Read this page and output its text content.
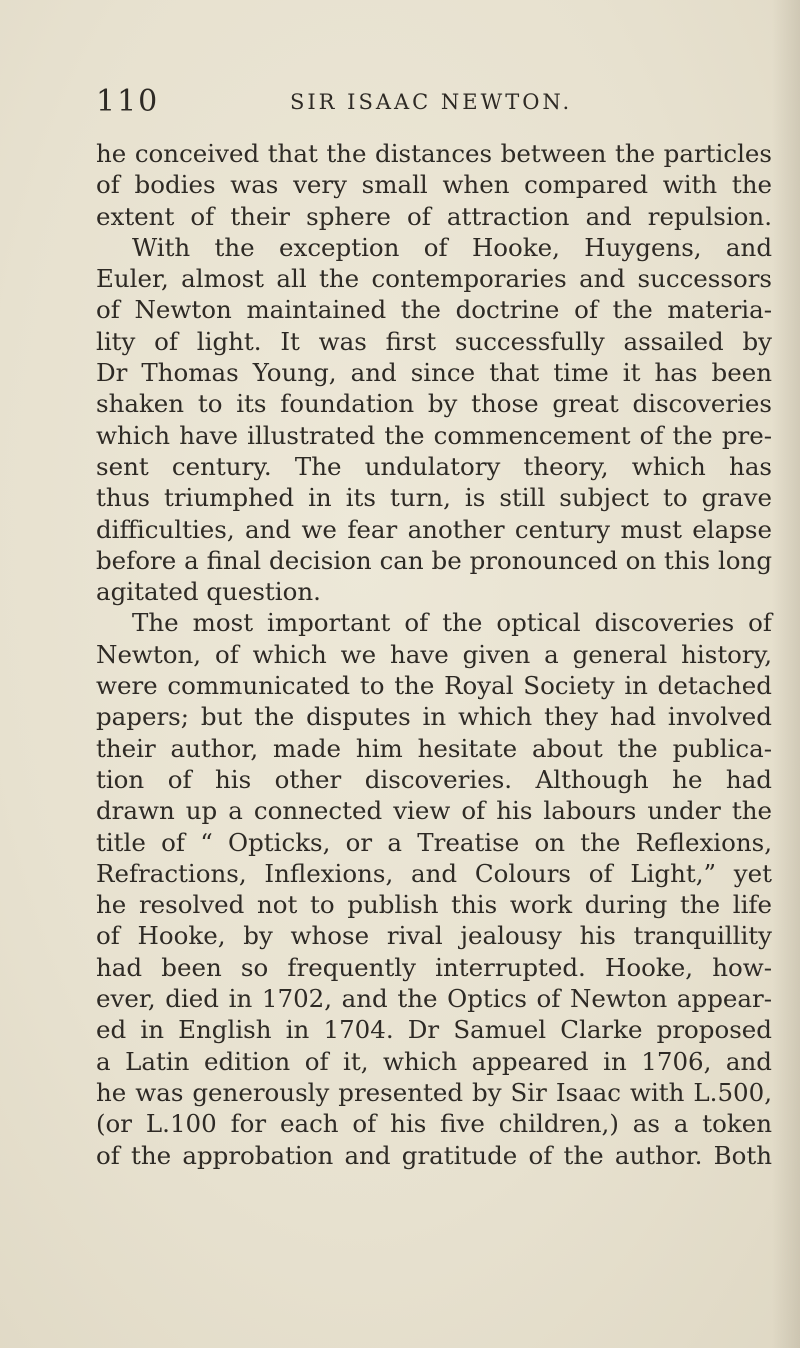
110	SIR ISAAC NEWTON.
he conceived that the distances between the particles
of bodies was very small when compared with the
extent of their sphere of attraction and repulsion.
With the exception of Hooke, Huygens, and
Euler, almost all the contemporaries and successors
of Newton maintained the doctrine of the materia-
lity of light. It was first successfully assailed by
Dr Thomas Young, and since that time it has been
shaken to its foundation by those great discoveries
which have illustrated the commencement of the pre-
sent century. The undulatory theory, which has
thus triumphed in its turn, is still subject to grave
difficulties, and we fear another century must elapse
before a final decision can be pronounced on this long
agitated question.
The most important of the optical discoveries of
Newton, of which we have given a general history,
were communicated to the Royal Society in detached
papers; but the disputes in which they had involved
their author, made him hesitate about the publica-
tion of his other discoveries. Although he had
drawn up a connected view of his labours under the
title of “ Opticks, or a Treatise on the Reflexions,
Refractions, Inflexions, and Colours of Light,” yet
he resolved not to publish this work during the life
of Hooke, by whose rival jealousy his tranquillity
had been so frequently interrupted. Hooke, how-
ever, died in 1702, and the Optics of Newton appear-
ed in English in 1704. Dr Samuel Clarke proposed
a Latin edition of it, which appeared in 1706, and
he was generously presented by Sir Isaac with L.500,
(or L.100 for each of his five children,) as a token
of the approbation and gratitude of the author. Both
